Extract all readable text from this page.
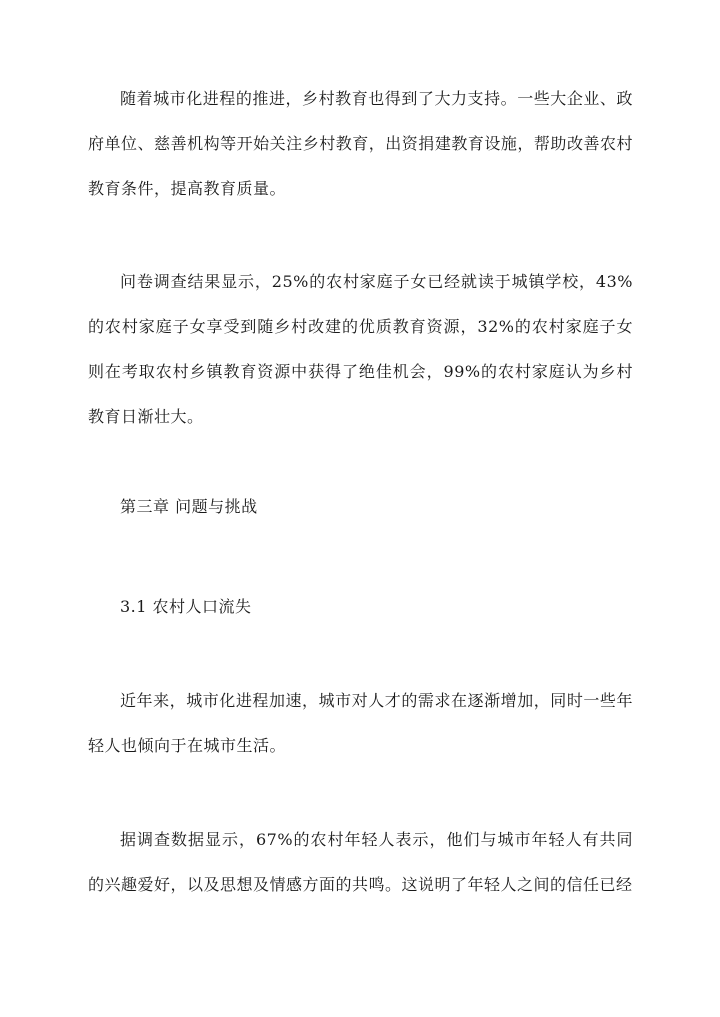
随着城市化进程的推进，乡村教育也得到了大力支持。一些大企业、政府单位、慈善机构等开始关注乡村教育，出资捐建教育设施，帮助改善农村教育条件，提高教育质量。

问卷调查结果显示，25%的农村家庭子女已经就读于城镇学校，43%的农村家庭子女享受到随乡村改建的优质教育资源，32%的农村家庭子女则在考取农村乡镇教育资源中获得了绝佳机会，99%的农村家庭认为乡村教育日渐壮大。

第三章 问题与挑战

3.1 农村人口流失

近年来，城市化进程加速，城市对人才的需求在逐渐增加，同时一些年轻人也倾向于在城市生活。

据调查数据显示，67%的农村年轻人表示，他们与城市年轻人有共同的兴趣爱好，以及思想及情感方面的共鸣。这说明了年轻人之间的信任已经
